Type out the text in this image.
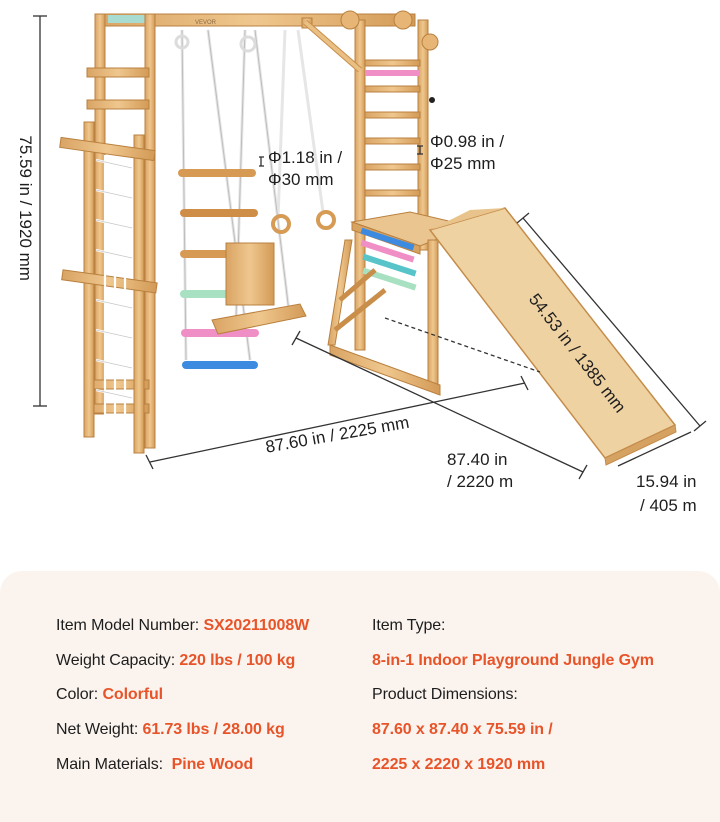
VEVOR
75.59 in / 1920 mm	Φ1.18 in /
Φ30 mm
Φ0.98 in /
Φ25 mm
54.53 in / 1385 mm
87.60 in / 2225 mm
87.40 in
/ 2220 m	15.94 in
/ 405 m
Item Model Number: SX20211008W
Weight Capacity: 220 lbs / 100 kg
Color: Colorful
Net Weight: 61.73 lbs / 28.00 kg
Main Materials:  Pine Wood
Item Type:
8-in-1 Indoor Playground Jungle Gym
Product Dimensions:
87.60 x 87.40 x 75.59 in /
2225 x 2220 x 1920 mm
